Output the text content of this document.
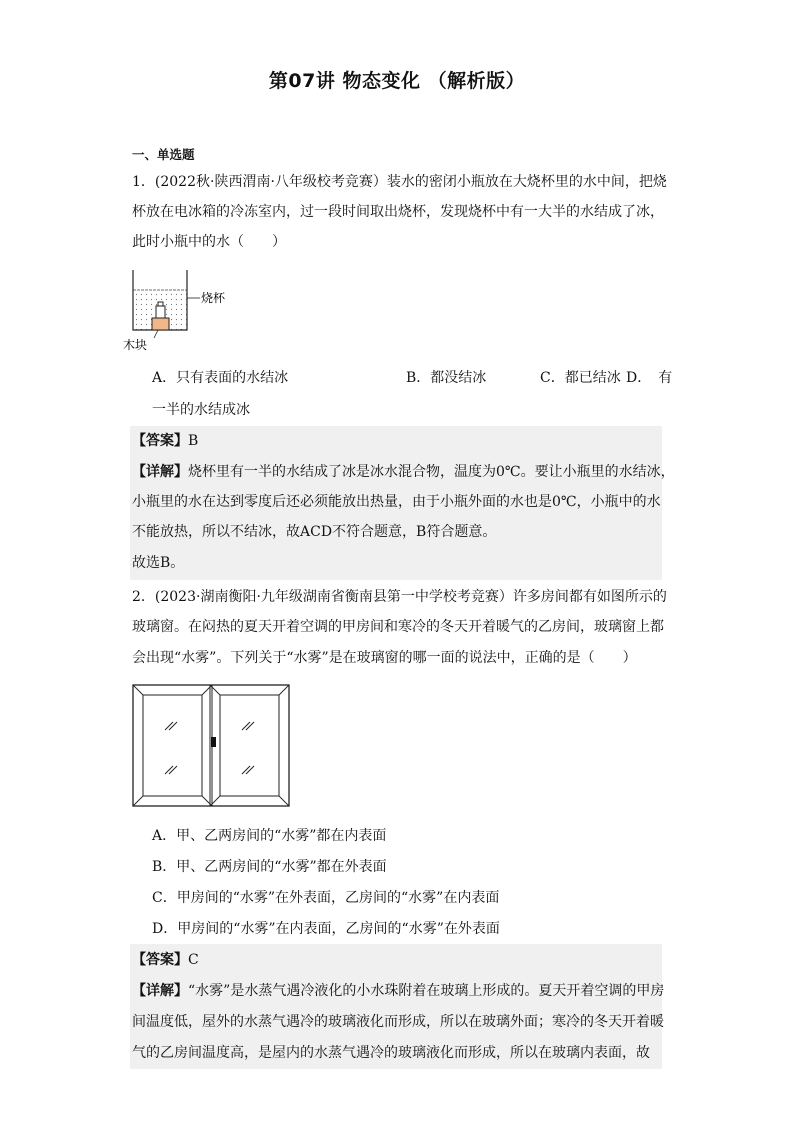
第07讲 物态变化 （解析版）
一、单选题
1．(2022秋·陕西渭南·八年级校考竞赛）装水的密闭小瓶放在大烧杯里的水中间，把烧
杯放在电冰箱的冷冻室内，过一段时间取出烧杯，发现烧杯中有一大半的水结成了冰，
此时小瓶中的水（　　）
烧杯
木块
A．只有表面的水结冰	B．都没结冰	C．都已结冰 D．　有
一半的水结成冰
【答案】B
【详解】烧杯里有一半的水结成了冰是冰水混合物，温度为0℃。要让小瓶里的水结冰，
小瓶里的水在达到零度后还必须能放出热量，由于小瓶外面的水也是0℃，小瓶中的水
不能放热，所以不结冰，故ACD不符合题意，B符合题意。
故选B。
2．(2023·湖南衡阳·九年级湖南省衡南县第一中学校考竞赛）许多房间都有如图所示的
玻璃窗。在闷热的夏天开着空调的甲房间和寒冷的冬天开着暖气的乙房间，玻璃窗上都
会出现“水雾”。下列关于“水雾”是在玻璃窗的哪一面的说法中，正确的是（　　）
A．甲、乙两房间的“水雾”都在内表面
B．甲、乙两房间的“水雾”都在外表面
C．甲房间的“水雾”在外表面，乙房间的“水雾”在内表面
D．甲房间的“水雾”在内表面，乙房间的“水雾”在外表面
【答案】C
【详解】“水雾”是水蒸气遇冷液化的小水珠附着在玻璃上形成的。夏天开着空调的甲房
间温度低，屋外的水蒸气遇冷的玻璃液化而形成，所以在玻璃外面；寒冷的冬天开着暖
气的乙房间温度高，是屋内的水蒸气遇冷的玻璃液化而形成，所以在玻璃内表面，故
